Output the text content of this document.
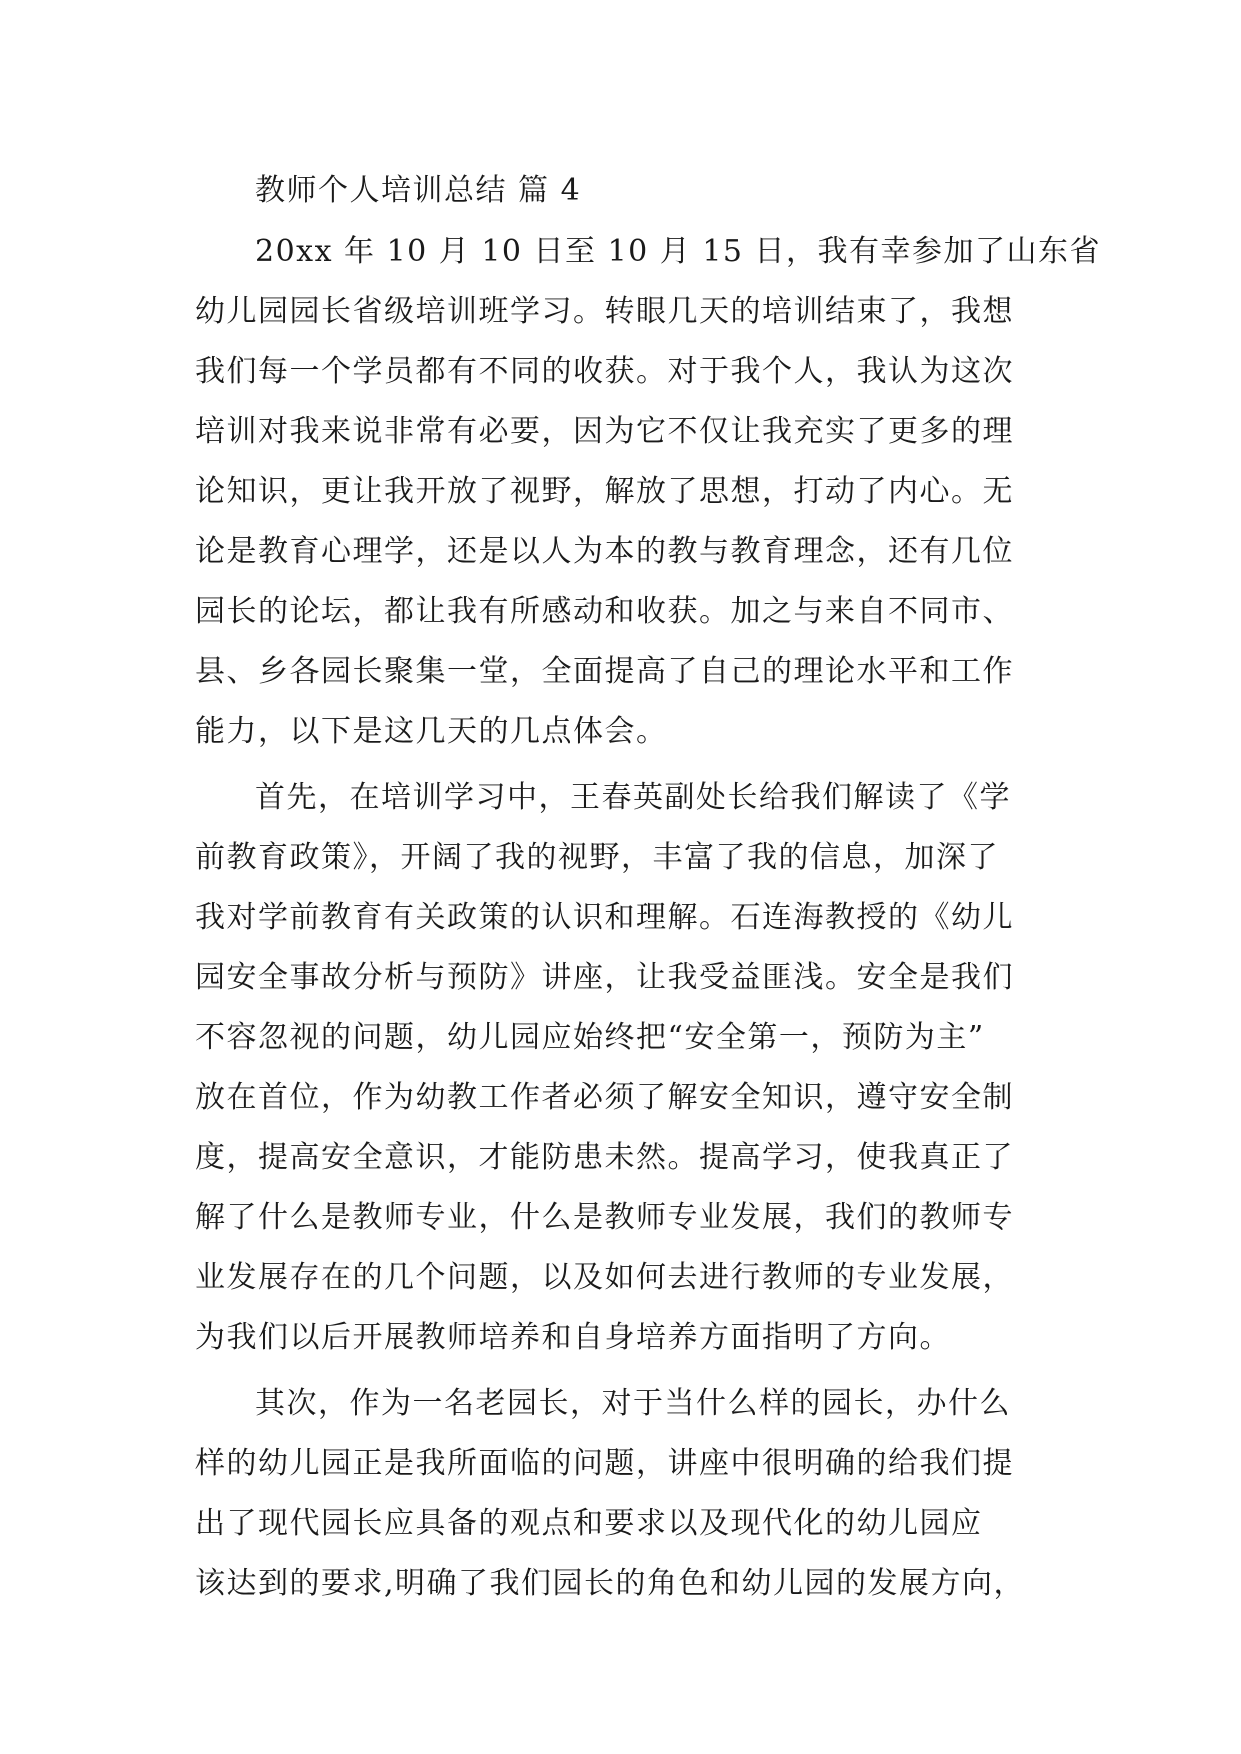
教师个人培训总结 篇 4
20xx 年 10 月 10 日至 10 月 15 日，我有幸参加了山东省
幼儿园园长省级培训班学习。转眼几天的培训结束了，我想
我们每一个学员都有不同的收获。对于我个人，我认为这次
培训对我来说非常有必要，因为它不仅让我充实了更多的理
论知识，更让我开放了视野，解放了思想，打动了内心。无
论是教育心理学，还是以人为本的教与教育理念，还有几位
园长的论坛，都让我有所感动和收获。加之与来自不同市、
县、乡各园长聚集一堂，全面提高了自己的理论水平和工作
能力，以下是这几天的几点体会。
首先，在培训学习中，王春英副处长给我们解读了《学
前教育政策》，开阔了我的视野，丰富了我的信息，加深了
我对学前教育有关政策的认识和理解。石连海教授的《幼儿
园安全事故分析与预防》讲座，让我受益匪浅。安全是我们
不容忽视的问题，幼儿园应始终把“安全第一，预防为主”
放在首位，作为幼教工作者必须了解安全知识，遵守安全制
度，提高安全意识，才能防患未然。提高学习，使我真正了
解了什么是教师专业，什么是教师专业发展，我们的教师专
业发展存在的几个问题，以及如何去进行教师的专业发展，
为我们以后开展教师培养和自身培养方面指明了方向。
其次，作为一名老园长，对于当什么样的园长，办什么
样的幼儿园正是我所面临的问题，讲座中很明确的给我们提
出了现代园长应具备的观点和要求以及现代化的幼儿园应
该达到的要求,明确了我们园长的角色和幼儿园的发展方向，
